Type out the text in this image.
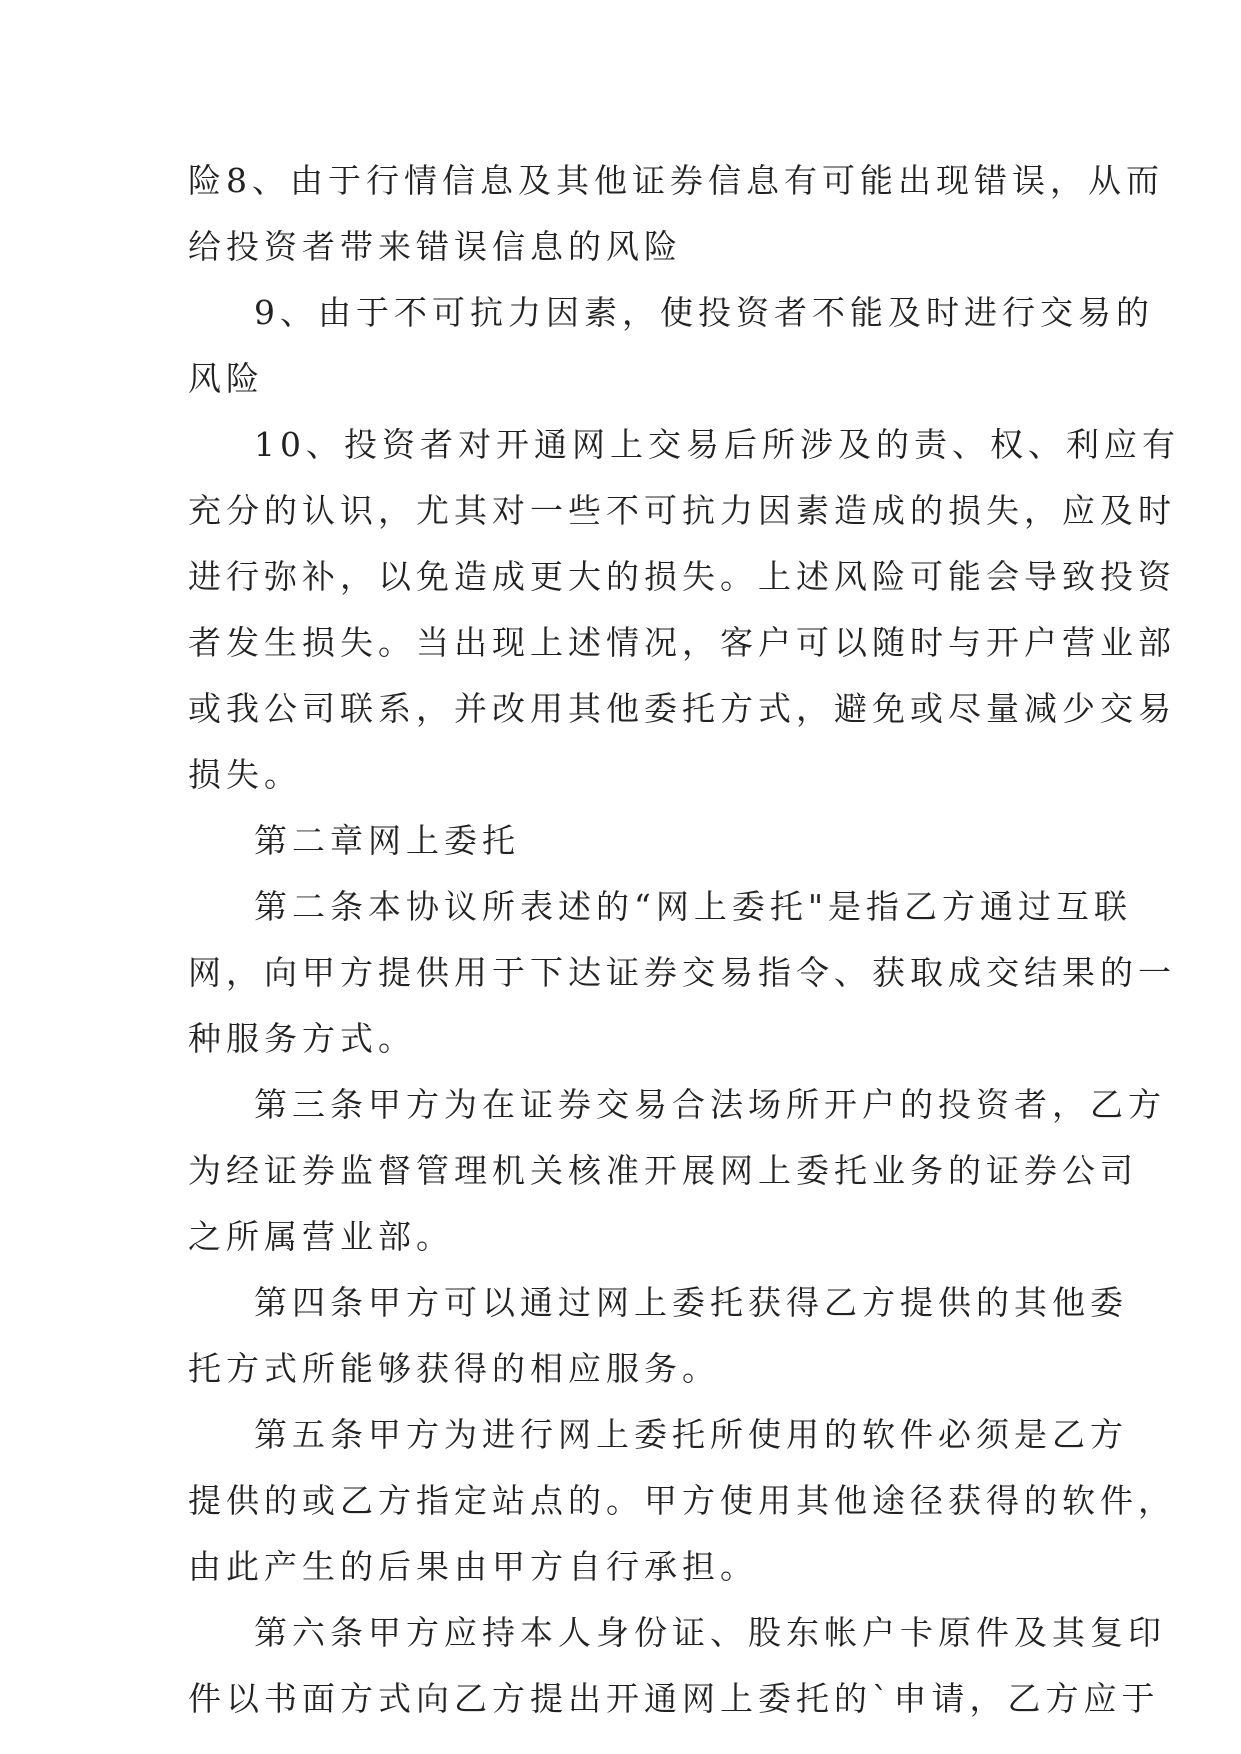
险8、由于行情信息及其他证券信息有可能出现错误，从而
给投资者带来错误信息的风险
9、由于不可抗力因素，使投资者不能及时进行交易的
风险
10、投资者对开通网上交易后所涉及的责、权、利应有
充分的认识，尤其对一些不可抗力因素造成的损失，应及时
进行弥补，以免造成更大的损失。上述风险可能会导致投资
者发生损失。当出现上述情况，客户可以随时与开户营业部
或我公司联系，并改用其他委托方式，避免或尽量减少交易
损失。
第二章网上委托
第二条本协议所表述的“网上委托"是指乙方通过互联
网，向甲方提供用于下达证券交易指令、获取成交结果的一
种服务方式。
第三条甲方为在证券交易合法场所开户的投资者，乙方
为经证券监督管理机关核准开展网上委托业务的证券公司
之所属营业部。
第四条甲方可以通过网上委托获得乙方提供的其他委
托方式所能够获得的相应服务。
第五条甲方为进行网上委托所使用的软件必须是乙方
提供的或乙方指定站点的。甲方使用其他途径获得的软件，
由此产生的后果由甲方自行承担。
第六条甲方应持本人身份证、股东帐户卡原件及其复印
件以书面方式向乙方提出开通网上委托的`申请，乙方应于
